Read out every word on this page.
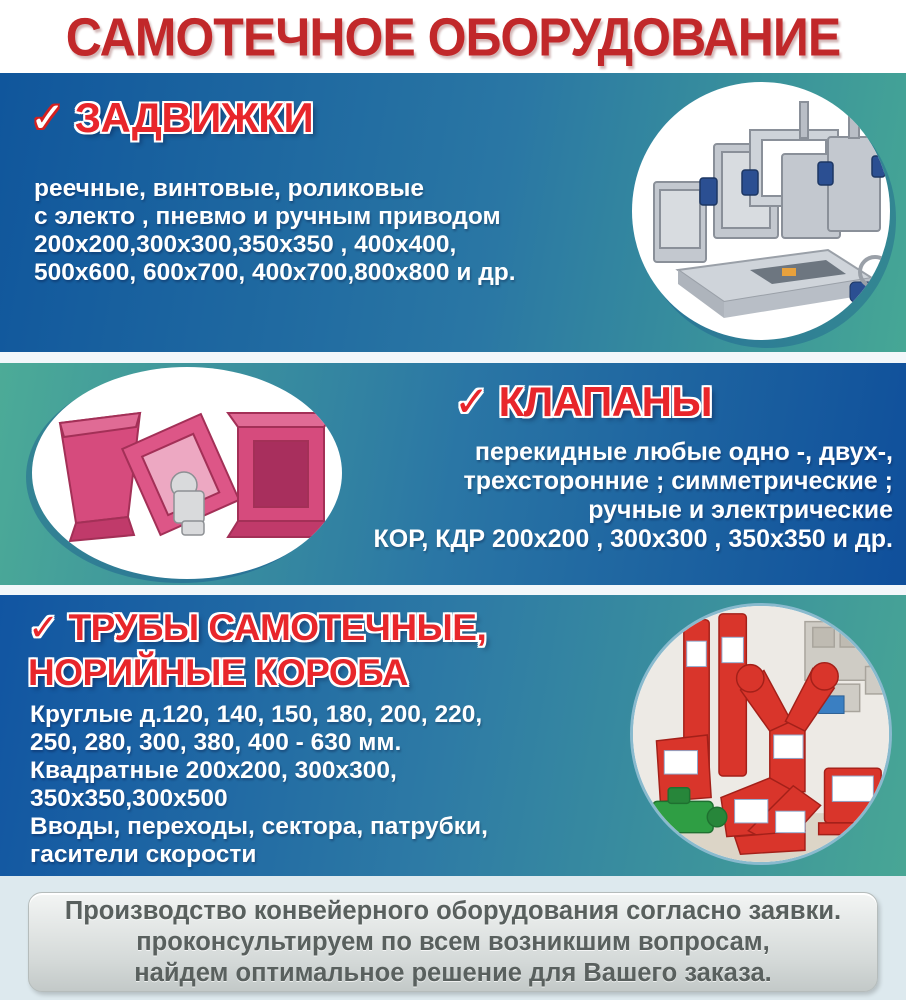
САМОТЕЧНОЕ ОБОРУДОВАНИЕ
✓ ЗАДВИЖКИ
реечные, винтовые, роликовые
с электо , пневмо и ручным приводом
200х200,300х300,350х350 , 400х400,
500х600, 600х700, 400х700,800х800 и др.
✓ КЛАПАНЫ
перекидные любые одно -, двух-,
трехсторонние ; симметрические ;
ручные и электрические
КОР, КДР 200х200 , 300х300 , 350х350 и др.
✓ ТРУБЫ САМОТЕЧНЫЕ,
НОРИЙНЫЕ КОРОБА
Круглые д.120, 140, 150, 180, 200, 220,
250, 280, 300, 380, 400 - 630 мм.
Квадратные 200х200, 300х300,
350х350,300х500
Вводы, переходы, сектора, патрубки,
гасители скорости
Производство конвейерного оборудования согласно заявки.
проконсультируем по всем возникшим вопросам,
найдем оптимальное решение для Вашего заказа.
